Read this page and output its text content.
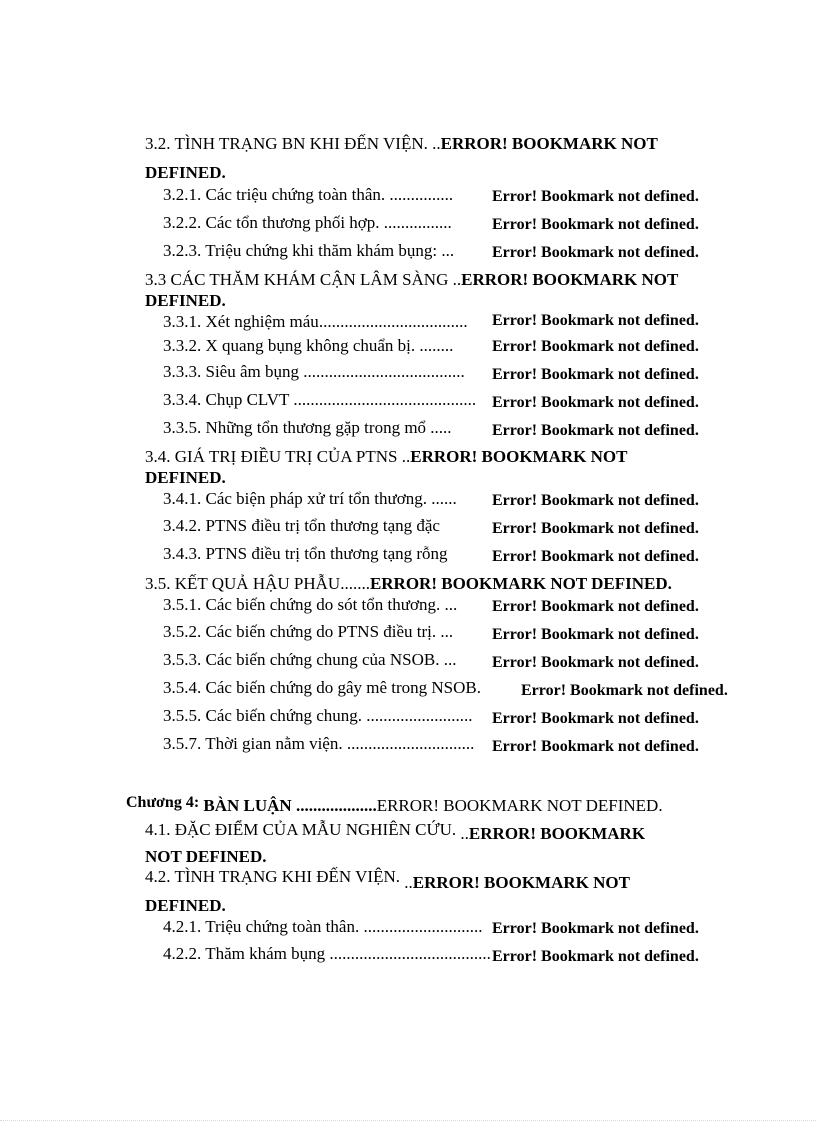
3.2. TÌNH TRẠNG BN KHI ĐẾN VIỆN. ..ERROR! BOOKMARK NOT
DEFINED.
3.2.1. Các triệu chứng toàn thân. ............... Error! Bookmark not defined.
3.2.2. Các tổn thương phối hợp. ................	Error! Bookmark not defined.
3.2.3. Triệu chứng khi thăm khám bụng: ... Error! Bookmark not defined.
3.3 CÁC THĂM KHÁM CẬN LÂM SÀNG ..ERROR! BOOKMARK NOT
DEFINED.
3.3.1. Xét nghiệm máu................................... Error! Bookmark not defined.
3.3.2. X quang bụng không chuẩn bị. ........ Error! Bookmark not defined.
3.3.3. Siêu âm bụng ...................................... Error! Bookmark not defined.
3.3.4. Chụp CLVT ........................................... Error! Bookmark not defined.
3.3.5. Những tổn thương gặp trong mổ .....	Error! Bookmark not defined.
3.4. GIÁ TRỊ ĐIỀU TRỊ CỦA PTNS ..ERROR! BOOKMARK NOT
DEFINED.
3.4.1. Các biện pháp xử trí tổn thương. ...... Error! Bookmark not defined.
3.4.2. PTNS điều trị tổn thương tạng đặc	Error! Bookmark not defined.
3.4.3. PTNS điều trị tổn thương tạng rỗng	Error! Bookmark not defined.
3.5. KẾT QUẢ HẬU PHẪU.......ERROR! BOOKMARK NOT DEFINED.
3.5.1. Các biến chứng do sót tổn thương. ... Error! Bookmark not defined.
3.5.2. Các biến chứng do PTNS điều trị. ... Error! Bookmark not defined.
3.5.3. Các biến chứng chung của NSOB. ... Error! Bookmark not defined.
3.5.4. Các biến chứng do gây mê trong NSOB. Error! Bookmark not defined.
3.5.5. Các biến chứng chung. ......................... Error! Bookmark not defined.
3.5.7. Thời gian nằm viện. .............................. Error! Bookmark not defined.
Chương 4: BÀN LUẬN ...................ERROR! BOOKMARK NOT DEFINED.
4.1. ĐẶC ĐIỂM CỦA MẪU NGHIÊN CỨU. ..ERROR! BOOKMARK
NOT DEFINED.
4.2. TÌNH TRẠNG KHI ĐẾN VIỆN. ..ERROR! BOOKMARK NOT
DEFINED.
4.2.1. Triệu chứng toàn thân. ............................ Error! Bookmark not defined.
4.2.2. Thăm khám bụng ...................................... Error! Bookmark not defined.
